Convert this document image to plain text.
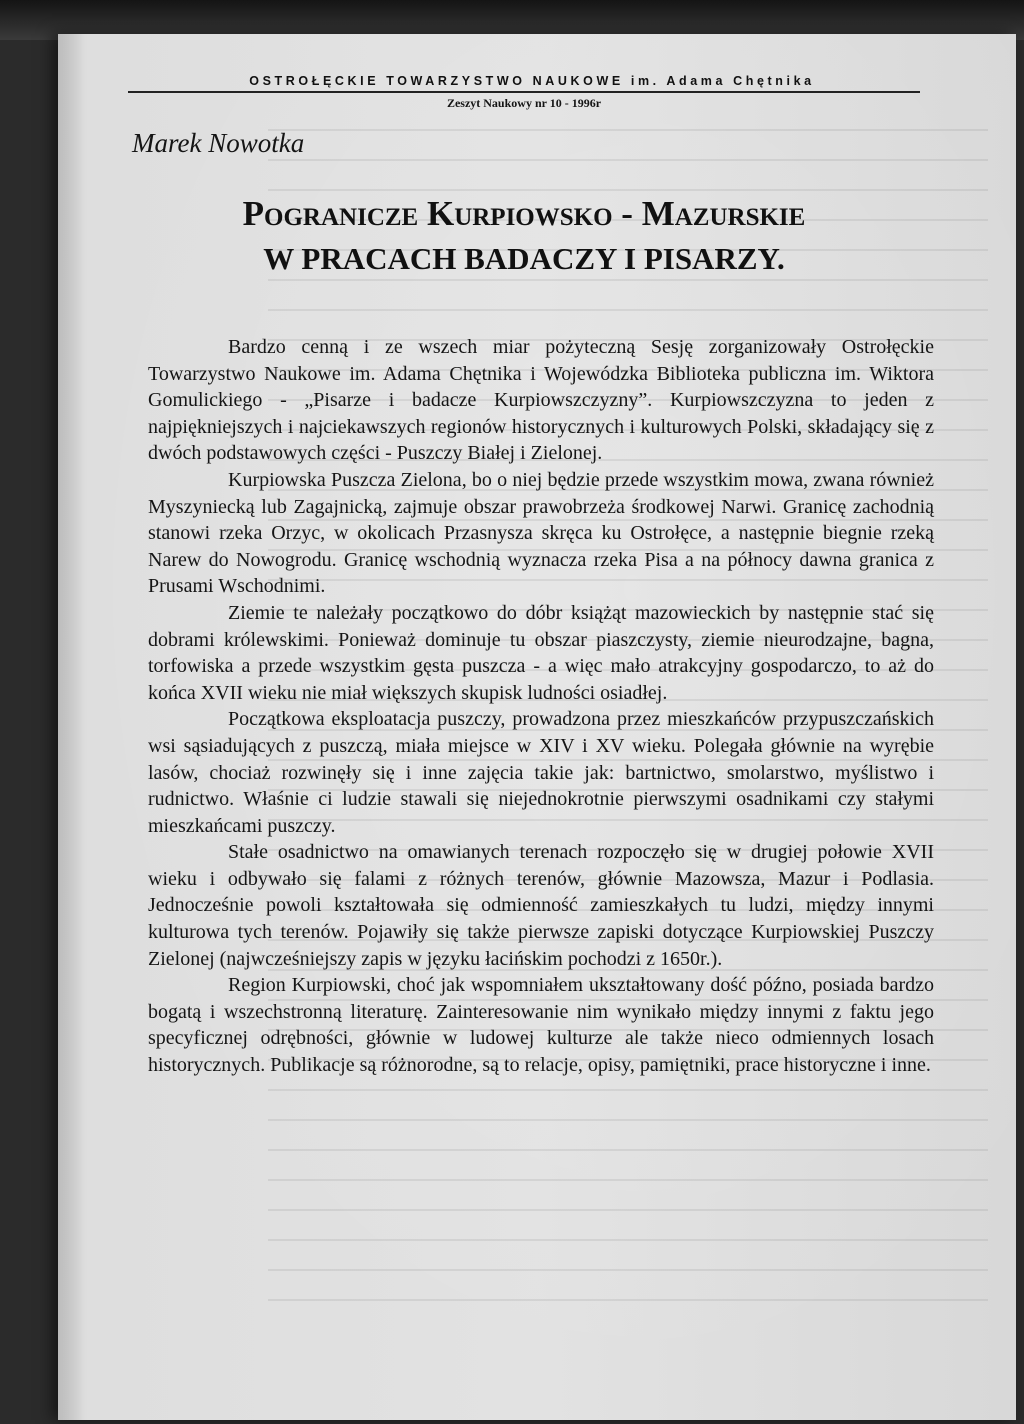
OSTROŁĘCKIE TOWARZYSTWO NAUKOWE im. Adama Chętnika
Zeszyt Naukowy nr 10 - 1996r
Marek Nowotka
Pogranicze Kurpiowsko - Mazurskie
W PRACACH BADACZY I PISARZY.

Bardzo cenną i ze wszech miar pożyteczną Sesję zorganizowały Ostrołęckie Towarzystwo Naukowe im. Adama Chętnika i Wojewódzka Biblioteka publiczna im. Wiktora Gomulickiego - „Pisarze i badacze Kurpiowszczyzny”. Kurpiowszczyzna to jeden z najpiękniejszych i najciekawszych regionów historycznych i kulturowych Polski, składający się z dwóch podstawowych części - Puszczy Białej i Zielonej.

Kurpiowska Puszcza Zielona, bo o niej będzie przede wszystkim mowa, zwana również Myszyniecką lub Zagajnicką, zajmuje obszar prawobrzeża środkowej Narwi. Granicę zachodnią stanowi rzeka Orzyc, w okolicach Przasnysza skręca ku Ostrołęce, a następnie biegnie rzeką Narew do Nowogrodu. Granicę wschodnią wyznacza rzeka Pisa a na północy dawna granica z Prusami Wschodnimi.

Ziemie te należały początkowo do dóbr książąt mazowieckich by następnie stać się dobrami królewskimi. Ponieważ dominuje tu obszar piaszczysty, ziemie nieurodzajne, bagna, torfowiska a przede wszystkim gęsta puszcza - a więc mało atrakcyjny gospodarczo, to aż do końca XVII wieku nie miał większych skupisk ludności osiadłej.

Początkowa eksploatacja puszczy, prowadzona przez mieszkańców przypuszczańskich wsi sąsiadujących z puszczą, miała miejsce w XIV i XV wieku. Polegała głównie na wyrębie lasów, chociaż rozwinęły się i inne zajęcia takie jak: bartnictwo, smolarstwo, myślistwo i rudnictwo. Właśnie ci ludzie stawali się niejednokrotnie pierwszymi osadnikami czy stałymi mieszkańcami puszczy.

Stałe osadnictwo na omawianych terenach rozpoczęło się w drugiej połowie XVII wieku i odbywało się falami z różnych terenów, głównie Mazowsza, Mazur i Podlasia. Jednocześnie powoli kształtowała się odmienność zamieszkałych tu ludzi, między innymi kulturowa tych terenów. Pojawiły się także pierwsze zapiski dotyczące Kurpiowskiej Puszczy Zielonej (najwcześniejszy zapis w języku łacińskim pochodzi z 1650r.).

Region Kurpiowski, choć jak wspomniałem ukształtowany dość późno, posiada bardzo bogatą i wszechstronną literaturę. Zainteresowanie nim wynikało między innymi z faktu jego specyficznej odrębności, głównie w ludowej kulturze ale także nieco odmiennych losach historycznych. Publikacje są różnorodne, są to relacje, opisy, pamiętniki, prace historyczne i inne.
